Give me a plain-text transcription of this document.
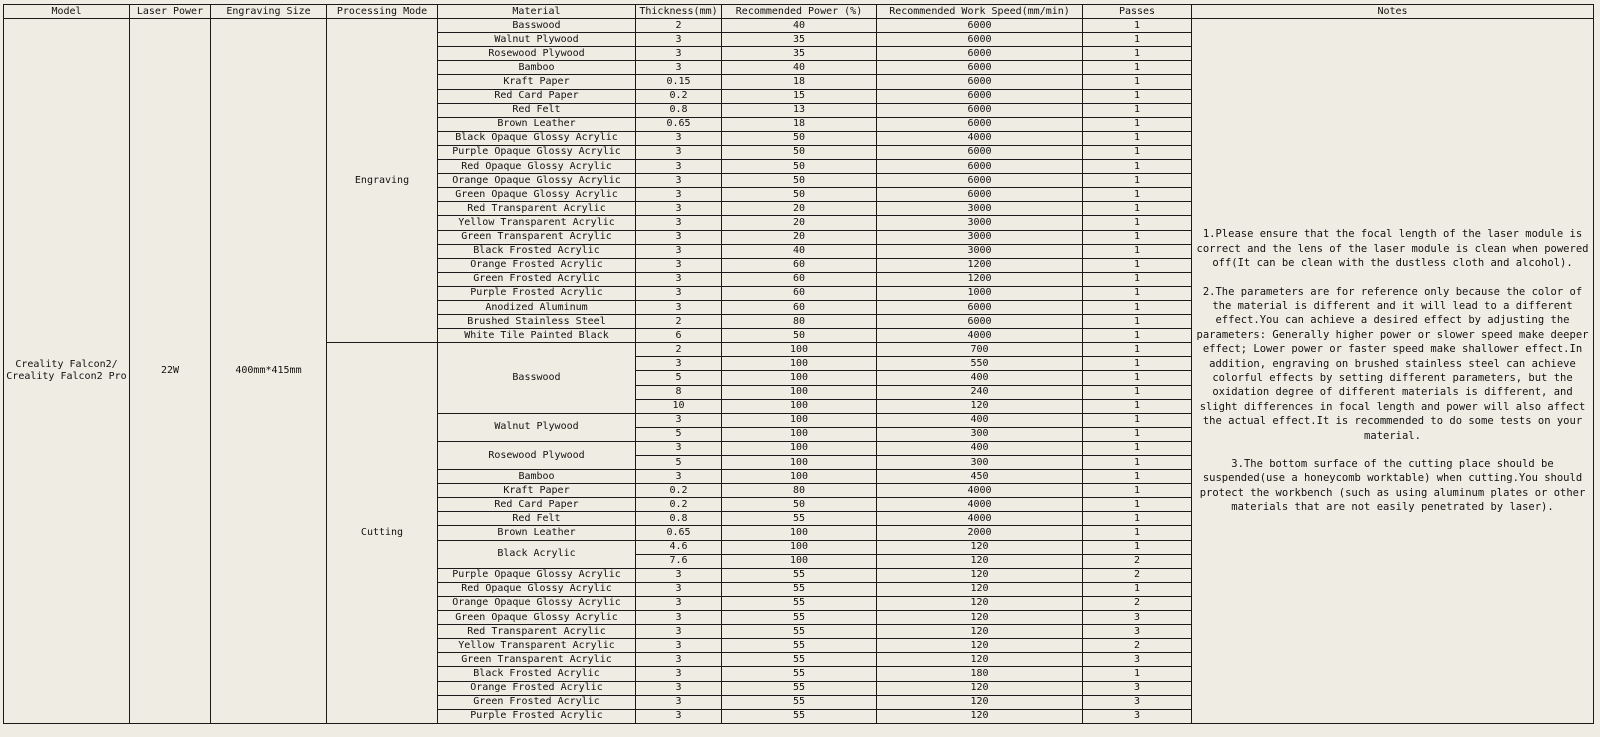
Model	Laser Power	Engraving Size	Processing Mode	Material	Thickness(mm)	Recommended Power (%)	Recommended Work Speed(mm/min)	Passes	Notes
Creality Falcon2/ Creality Falcon2 Pro	22W	400mm*415mm	Engraving	Basswood	2	40	6000	1	1.Please ensure that the focal length of the laser module is correct and the lens of the laser module is clean when powered off(It can be clean with the dustless cloth and alcohol).
2.The parameters are for reference only because the color of the material is different and it will lead to a different effect.You can achieve a desired effect by adjusting the parameters: Generally higher power or slower speed make deeper effect; Lower power or faster speed make shallower effect.In addition, engraving on brushed stainless steel can achieve colorful effects by setting different parameters, but the oxidation degree of different materials is different, and slight differences in focal length and power will also affect the actual effect.It is recommended to do some tests on your material.
3.The bottom surface of the cutting place should be suspended(use a honeycomb worktable) when cutting.You should protect the workbench (such as using aluminum plates or other materials that are not easily penetrated by laser).

				Walnut Plywood	3	35	6000	1	
				Rosewood Plywood	3	35	6000	1	
				Bamboo	3	40	6000	1	
				Kraft Paper	0.15	18	6000	1	
				Red Card Paper	0.2	15	6000	1	
				Red Felt	0.8	13	6000	1	
				Brown Leather	0.65	18	6000	1	
				Black Opaque Glossy Acrylic	3	50	4000	1	
				Purple Opaque Glossy Acrylic	3	50	6000	1	
				Red Opaque Glossy Acrylic	3	50	6000	1	
				Orange Opaque Glossy Acrylic	3	50	6000	1	
				Green Opaque Glossy Acrylic	3	50	6000	1	
				Red Transparent Acrylic	3	20	3000	1	
				Yellow Transparent Acrylic	3	20	3000	1	
				Green Transparent Acrylic	3	20	3000	1	
				Black Frosted Acrylic	3	40	3000	1	
				Orange Frosted Acrylic	3	60	1200	1	
				Green Frosted Acrylic	3	60	1200	1	
				Purple Frosted Acrylic	3	60	1000	1	
				Anodized Aluminum	3	60	6000	1	
				Brushed Stainless Steel	2	80	6000	1	
				White Tile Painted Black	6	50	4000	1	
			Cutting	Basswood	2	100	700	1	
					3	100	550	1	
					5	100	400	1	
					8	100	240	1	
					10	100	120	1	
				Walnut Plywood	3	100	400	1	
					5	100	300	1	
				Rosewood Plywood	3	100	400	1	
					5	100	300	1	
				Bamboo	3	100	450	1	
				Kraft Paper	0.2	80	4000	1	
				Red Card Paper	0.2	50	4000	1	
				Red Felt	0.8	55	4000	1	
				Brown Leather	0.65	100	2000	1	
				Black Acrylic	4.6	100	120	1	
					7.6	100	120	2	
				Purple Opaque Glossy Acrylic	3	55	120	2	
				Red Opaque Glossy Acrylic	3	55	120	1	
				Orange Opaque Glossy Acrylic	3	55	120	2	
				Green Opaque Glossy Acrylic	3	55	120	3	
				Red Transparent Acrylic	3	55	120	3	
				Yellow Transparent Acrylic	3	55	120	2	
				Green Transparent Acrylic	3	55	120	3	
				Black Frosted Acrylic	3	55	180	1	
				Orange Frosted Acrylic	3	55	120	3	
				Green Frosted Acrylic	3	55	120	3	
				Purple Frosted Acrylic	3	55	120	3	
